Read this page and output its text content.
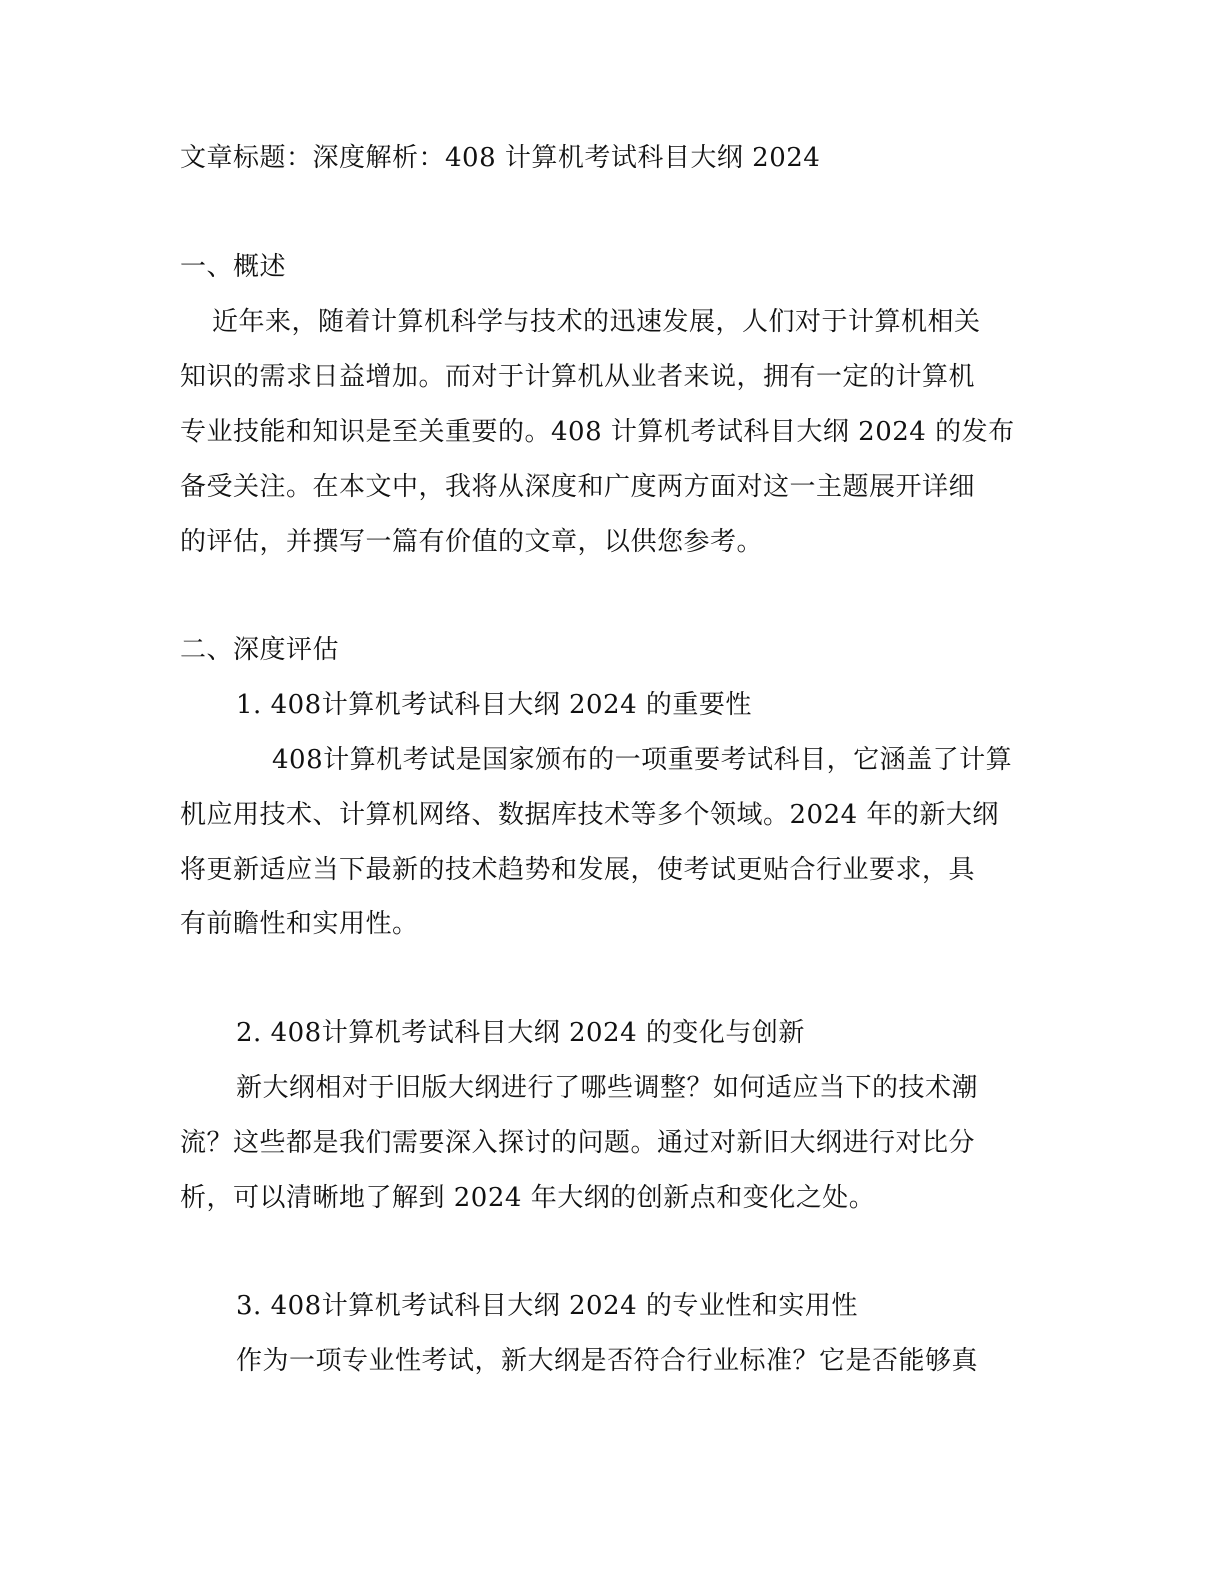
文章标题：深度解析：408 计算机考试科目大纲 2024
一、概述
近年来，随着计算机科学与技术的迅速发展，人们对于计算机相关
知识的需求日益增加。而对于计算机从业者来说，拥有一定的计算机
专业技能和知识是至关重要的。408 计算机考试科目大纲 2024 的发布
备受关注。在本文中，我将从深度和广度两方面对这一主题展开详细
的评估，并撰写一篇有价值的文章，以供您参考。
二、深度评估
1. 408计算机考试科目大纲 2024 的重要性
408计算机考试是国家颁布的一项重要考试科目，它涵盖了计算
机应用技术、计算机网络、数据库技术等多个领域。2024 年的新大纲
将更新适应当下最新的技术趋势和发展，使考试更贴合行业要求，具
有前瞻性和实用性。
2. 408计算机考试科目大纲 2024 的变化与创新
新大纲相对于旧版大纲进行了哪些调整？如何适应当下的技术潮
流？这些都是我们需要深入探讨的问题。通过对新旧大纲进行对比分
析，可以清晰地了解到 2024 年大纲的创新点和变化之处。
3. 408计算机考试科目大纲 2024 的专业性和实用性
作为一项专业性考试，新大纲是否符合行业标准？它是否能够真
